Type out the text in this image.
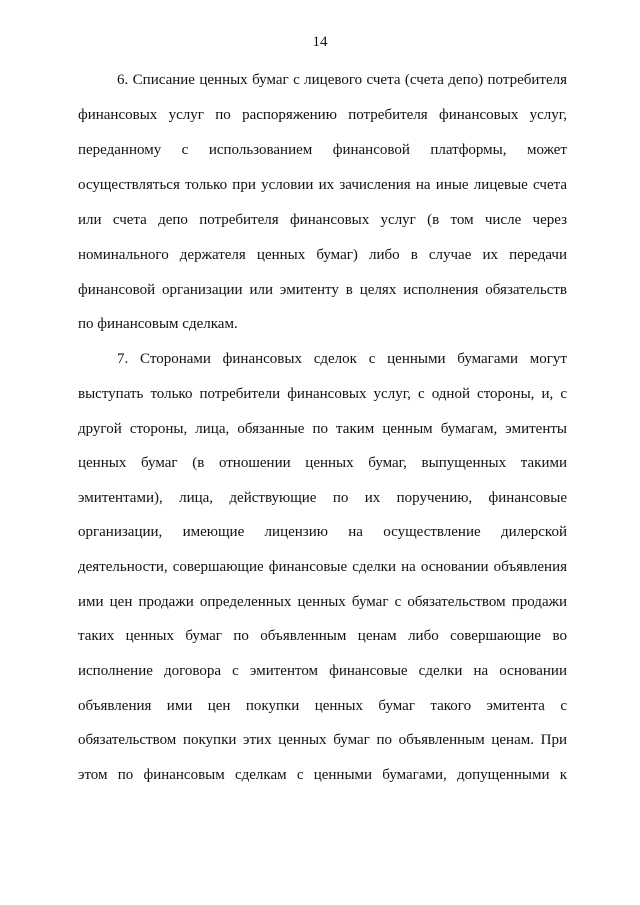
14
6. Списание ценных бумаг с лицевого счета (счета депо) потребителя
финансовых услуг по распоряжению потребителя финансовых услуг,
переданному с использованием финансовой платформы, может
осуществляться только при условии их зачисления на иные лицевые счета
или счета депо потребителя финансовых услуг (в том числе через
номинального держателя ценных бумаг) либо в случае их передачи
финансовой организации или эмитенту в целях исполнения обязательств
по финансовым сделкам.
7. Сторонами финансовых сделок с ценными бумагами могут
выступать только потребители финансовых услуг, с одной стороны, и, с
другой стороны, лица, обязанные по таким ценным бумагам, эмитенты
ценных бумаг (в отношении ценных бумаг, выпущенных такими
эмитентами), лица, действующие по их поручению, финансовые
организации, имеющие лицензию на осуществление дилерской
деятельности, совершающие финансовые сделки на основании объявления
ими цен продажи определенных ценных бумаг с обязательством продажи
таких ценных бумаг по объявленным ценам либо совершающие во
исполнение договора с эмитентом финансовые сделки на основании
объявления ими цен покупки ценных бумаг такого эмитента с
обязательством покупки этих ценных бумаг по объявленным ценам. При
этом по финансовым сделкам с ценными бумагами, допущенными к
